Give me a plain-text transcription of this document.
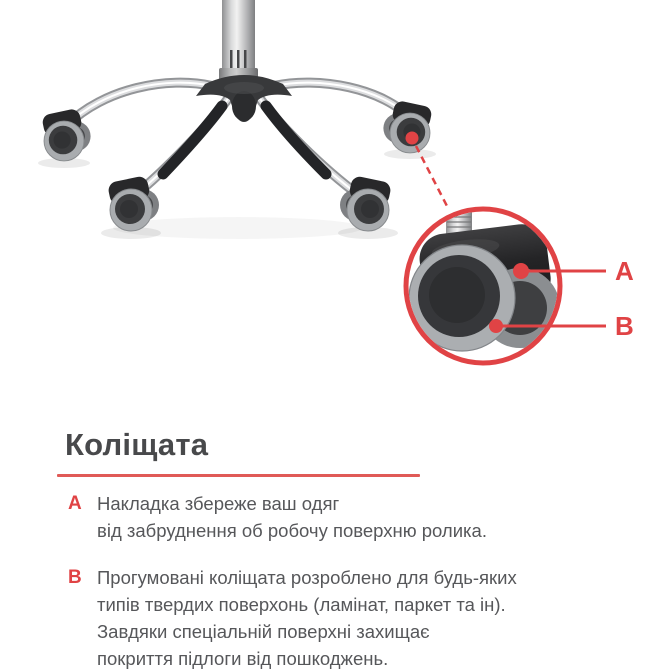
A
B
Коліщата
A Накладка збереже ваш одяг
від забруднення об робочу поверхню ролика.
B Прогумовані коліщата розроблено для будь-яких
типів твердих поверхонь (ламінат, паркет та ін).
Завдяки спеціальній поверхні захищає
покриття підлоги від пошкоджень.
